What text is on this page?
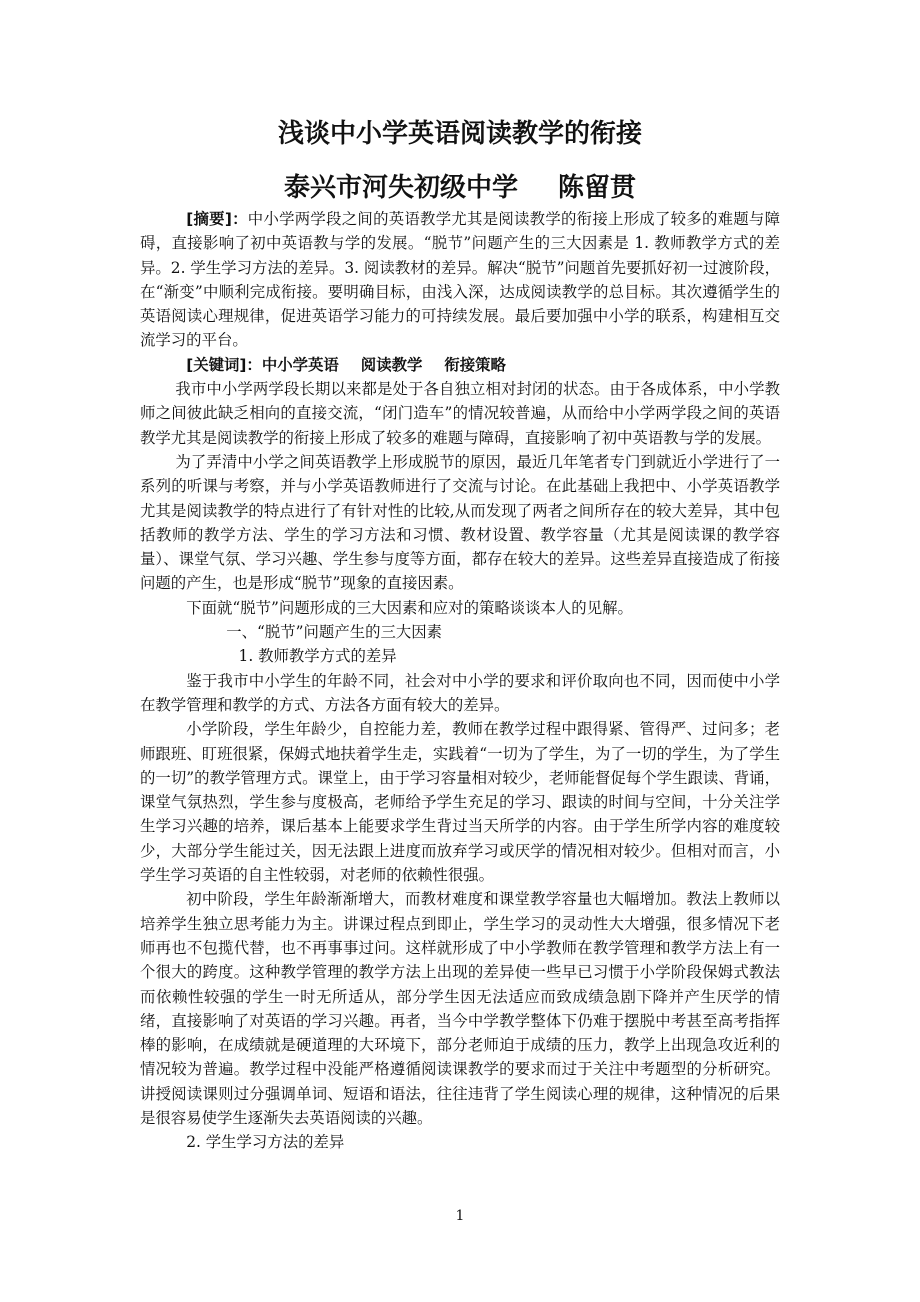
浅谈中小学英语阅读教学的衔接
泰兴市河失初级中学 陈留贯

[摘要]：中小学两学段之间的英语教学尤其是阅读教学的衔接上形成了较多的难题与障碍，直接影响了初中英语教与学的发展。“脱节”问题产生的三大因素是 1. 教师教学方式的差异。2. 学生学习方法的差异。3. 阅读教材的差异。解决“脱节”问题首先要抓好初一过渡阶段，在“渐变”中顺利完成衔接。要明确目标，由浅入深，达成阅读教学的总目标。其次遵循学生的英语阅读心理规律，促进英语学习能力的可持续发展。最后要加强中小学的联系，构建相互交流学习的平台。

[关键词]：中小学英语 阅读教学 衔接策略

我市中小学两学段长期以来都是处于各自独立相对封闭的状态。由于各成体系，中小学教师之间彼此缺乏相向的直接交流，“闭门造车”的情况较普遍，从而给中小学两学段之间的英语教学尤其是阅读教学的衔接上形成了较多的难题与障碍，直接影响了初中英语教与学的发展。

为了弄清中小学之间英语教学上形成脱节的原因，最近几年笔者专门到就近小学进行了一系列的听课与考察，并与小学英语教师进行了交流与讨论。在此基础上我把中、小学英语教学尤其是阅读教学的特点进行了有针对性的比较,从而发现了两者之间所存在的较大差异，其中包括教师的教学方法、学生的学习方法和习惯、教材设置、教学容量（尤其是阅读课的教学容量）、课堂气氛、学习兴趣、学生参与度等方面，都存在较大的差异。这些差异直接造成了衔接问题的产生，也是形成“脱节”现象的直接因素。

下面就“脱节”问题形成的三大因素和应对的策略谈谈本人的见解。

一、“脱节”问题产生的三大因素

1. 教师教学方式的差异

鉴于我市中小学生的年龄不同，社会对中小学的要求和评价取向也不同，因而使中小学在教学管理和教学的方式、方法各方面有较大的差异。

小学阶段，学生年龄少，自控能力差，教师在教学过程中跟得紧、管得严、过问多；老师跟班、盯班很紧，保姆式地扶着学生走，实践着“一切为了学生，为了一切的学生，为了学生的一切”的教学管理方式。课堂上，由于学习容量相对较少，老师能督促每个学生跟读、背诵，课堂气氛热烈，学生参与度极高，老师给予学生充足的学习、跟读的时间与空间，十分关注学生学习兴趣的培养，课后基本上能要求学生背过当天所学的内容。由于学生所学内容的难度较少，大部分学生能过关，因无法跟上进度而放弃学习或厌学的情况相对较少。但相对而言，小学生学习英语的自主性较弱，对老师的依赖性很强。

初中阶段，学生年龄渐渐增大，而教材难度和课堂教学容量也大幅增加。教法上教师以培养学生独立思考能力为主。讲课过程点到即止，学生学习的灵动性大大增强，很多情况下老师再也不包揽代替，也不再事事过问。这样就形成了中小学教师在教学管理和教学方法上有一个很大的跨度。这种教学管理的教学方法上出现的差异使一些早已习惯于小学阶段保姆式教法而依赖性较强的学生一时无所适从，部分学生因无法适应而致成绩急剧下降并产生厌学的情绪，直接影响了对英语的学习兴趣。再者，当今中学教学整体下仍难于摆脱中考甚至高考指挥棒的影响，在成绩就是硬道理的大环境下，部分老师迫于成绩的压力，教学上出现急攻近利的情况较为普遍。教学过程中没能严格遵循阅读课教学的要求而过于关注中考题型的分析研究。讲授阅读课则过分强调单词、短语和语法，往往违背了学生阅读心理的规律，这种情况的后果是很容易使学生逐渐失去英语阅读的兴趣。

2. 学生学习方法的差异

1
